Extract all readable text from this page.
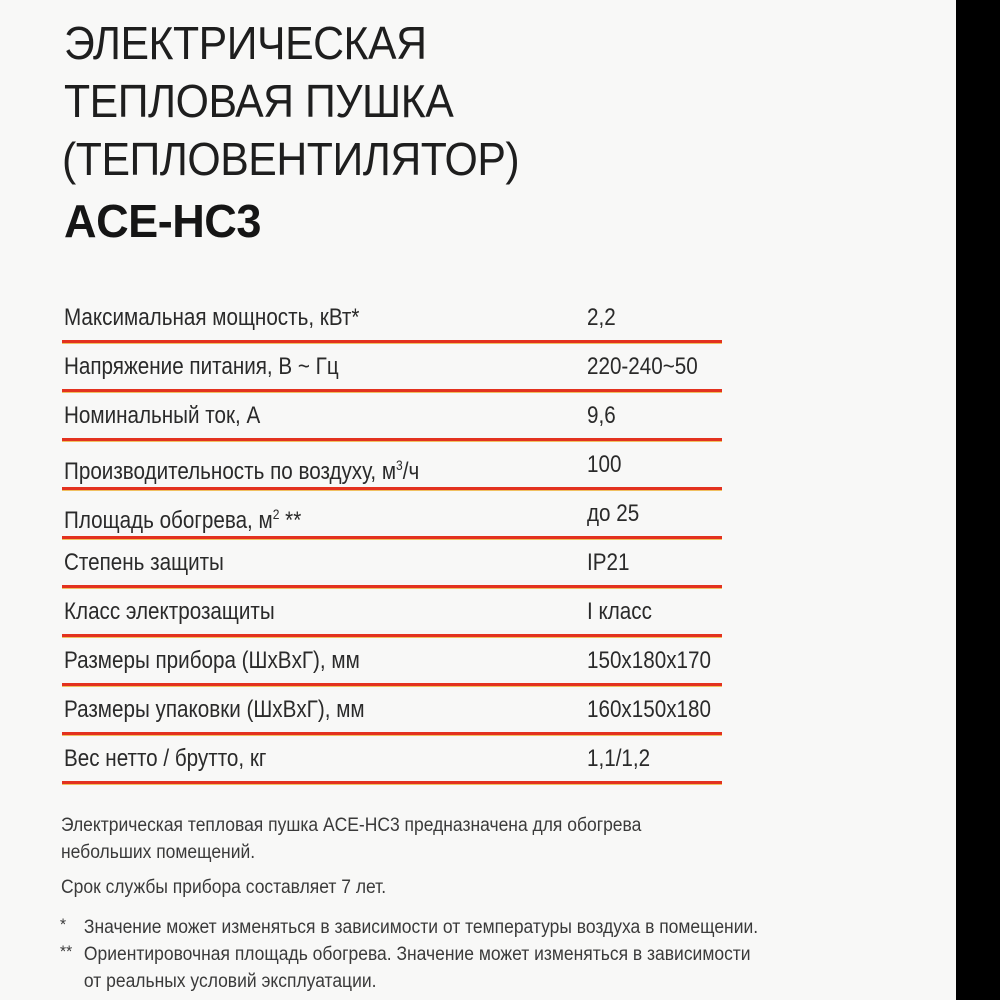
ЭЛЕКТРИЧЕСКАЯ
ТЕПЛОВАЯ ПУШКА
(ТЕПЛОВЕНТИЛЯТОР)
ACE-HC3
Максимальная мощность, кВт*	2,2
Напряжение питания, В ~ Гц	220-240~50
Номинальный ток, А	9,6
Производительность по воздуху, $м^3/ч$	100
Площадь обогрева, $м^2$ **	до 25
Степень защиты	IP21
Класс электрозащиты	I класс
Размеры прибора (ШxВxГ), мм	150x180x170
Размеры упаковки (ШxВxГ), мм	160x150x180
Вес нетто / брутто, кг	1,1/1,2

Электрическая тепловая пушка ACE-HC3 предназначена для обогрева

небольших помещений.

Срок службы прибора составляет 7 лет.

* Значение может изменяться в зависимости от температуры воздуха в помещении.
** Ориентировочная площадь обогрева. Значение может изменяться в зависимости
от реальных условий эксплуатации.
